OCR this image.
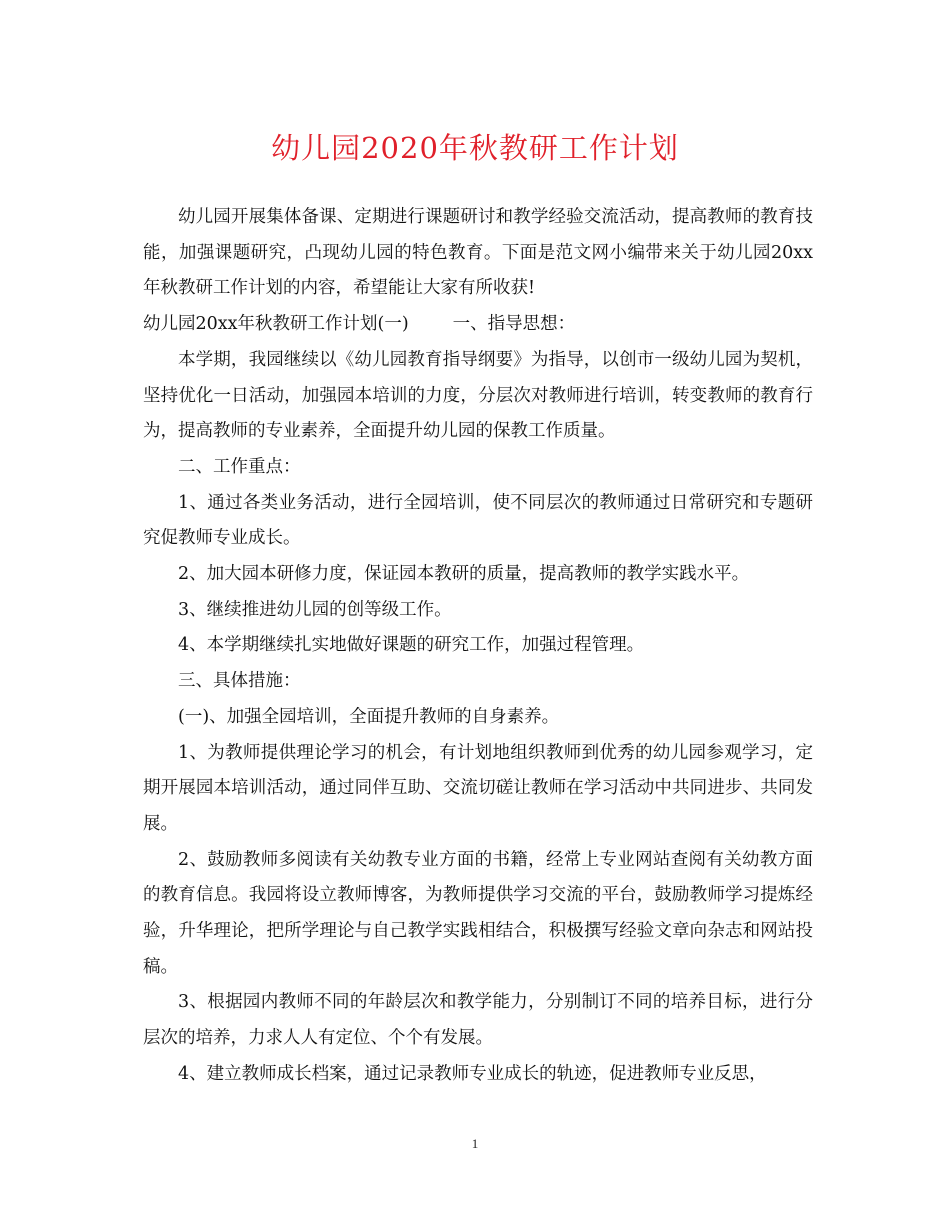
幼儿园2020年秋教研工作计划

幼儿园开展集体备课、定期进行课题研讨和教学经验交流活动，提高教师的教育技能，加强课题研究，凸现幼儿园的特色教育。下面是范文网小编带来关于幼儿园20xx年秋教研工作计划的内容，希望能让大家有所收获!

幼儿园20xx年秋教研工作计划(一)	一、指导思想：

本学期，我园继续以《幼儿园教育指导纲要》为指导，以创市一级幼儿园为契机，坚持优化一日活动，加强园本培训的力度，分层次对教师进行培训，转变教师的教育行为，提高教师的专业素养，全面提升幼儿园的保教工作质量。

二、工作重点：

1、通过各类业务活动，进行全园培训，使不同层次的教师通过日常研究和专题研究促教师专业成长。

2、加大园本研修力度，保证园本教研的质量，提高教师的教学实践水平。

3、继续推进幼儿园的创等级工作。

4、本学期继续扎实地做好课题的研究工作，加强过程管理。

三、具体措施：

(一)、加强全园培训，全面提升教师的自身素养。

1、为教师提供理论学习的机会，有计划地组织教师到优秀的幼儿园参观学习，定期开展园本培训活动，通过同伴互助、交流切磋让教师在学习活动中共同进步、共同发展。

2、鼓励教师多阅读有关幼教专业方面的书籍，经常上专业网站查阅有关幼教方面的教育信息。我园将设立教师博客，为教师提供学习交流的平台，鼓励教师学习提炼经验，升华理论，把所学理论与自己教学实践相结合，积极撰写经验文章向杂志和网站投稿。

3、根据园内教师不同的年龄层次和教学能力，分别制订不同的培养目标，进行分层次的培养，力求人人有定位、个个有发展。

4、建立教师成长档案，通过记录教师专业成长的轨迹，促进教师专业反思，

1
